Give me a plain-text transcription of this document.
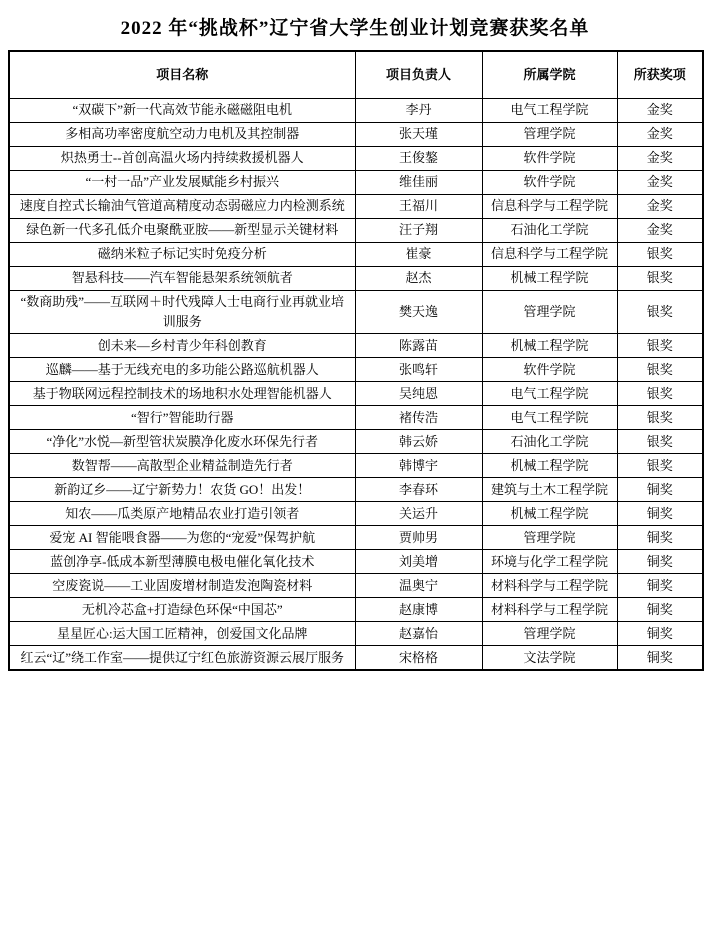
2022 年“挑战杯”辽宁省大学生创业计划竞赛获奖名单
项目名称	项目负责人	所属学院	所获奖项
“双碳下”新一代高效节能永磁磁阻电机	李丹	电气工程学院	金奖
多相高功率密度航空动力电机及其控制器	张天瑾	管理学院	金奖
炽热勇士--首创高温火场内持续救援机器人	王俊鏊	软件学院	金奖
“一村一品”产业发展赋能乡村振兴	维佳丽	软件学院	金奖
速度自控式长输油气管道高精度动态弱磁应力内检测系统	王福川	信息科学与工程学院	金奖
绿色新一代多孔低介电聚酰亚胺——新型显示关键材料	汪子翔	石油化工学院	金奖
磁纳米粒子标记实时免疫分析	崔豪	信息科学与工程学院	银奖
智悬科技——汽车智能悬架系统领航者	赵杰	机械工程学院	银奖
“数商助残”——互联网＋时代残障人士电商行业再就业培训服务	樊天逸	管理学院	银奖
创未来—乡村青少年科创教育	陈露苗	机械工程学院	银奖
巡麟——基于无线充电的多功能公路巡航机器人	张鸣轩	软件学院	银奖
基于物联网远程控制技术的场地积水处理智能机器人	吴纯恩	电气工程学院	银奖
“智行”智能助行器	褚传浩	电气工程学院	银奖
“净化”水悦—新型管状炭膜净化废水环保先行者	韩云娇	石油化工学院	银奖
数智帮——高散型企业精益制造先行者	韩博宇	机械工程学院	银奖
新韵辽乡——辽宁新势力！农货 GO！出发！	李春环	建筑与土木工程学院	铜奖
知农——瓜类原产地精品农业打造引领者	关运升	机械工程学院	铜奖
爱宠 AI 智能喂食器——为您的“宠爱”保驾护航	贾帅男	管理学院	铜奖
蓝创净享-低成本新型薄膜电极电催化氧化技术	刘美增	环境与化学工程学院	铜奖
空废瓷说——工业固废增材制造发泡陶瓷材料	温奥宁	材料科学与工程学院	铜奖
无机冷芯盒+打造绿色环保“中国芯”	赵康博	材料科学与工程学院	铜奖
星星匠心:运大国工匠精神，创爱国文化品牌	赵嘉怡	管理学院	铜奖
红云“辽”绕工作室——提供辽宁红色旅游资源云展厅服务	宋格格	文法学院	铜奖
